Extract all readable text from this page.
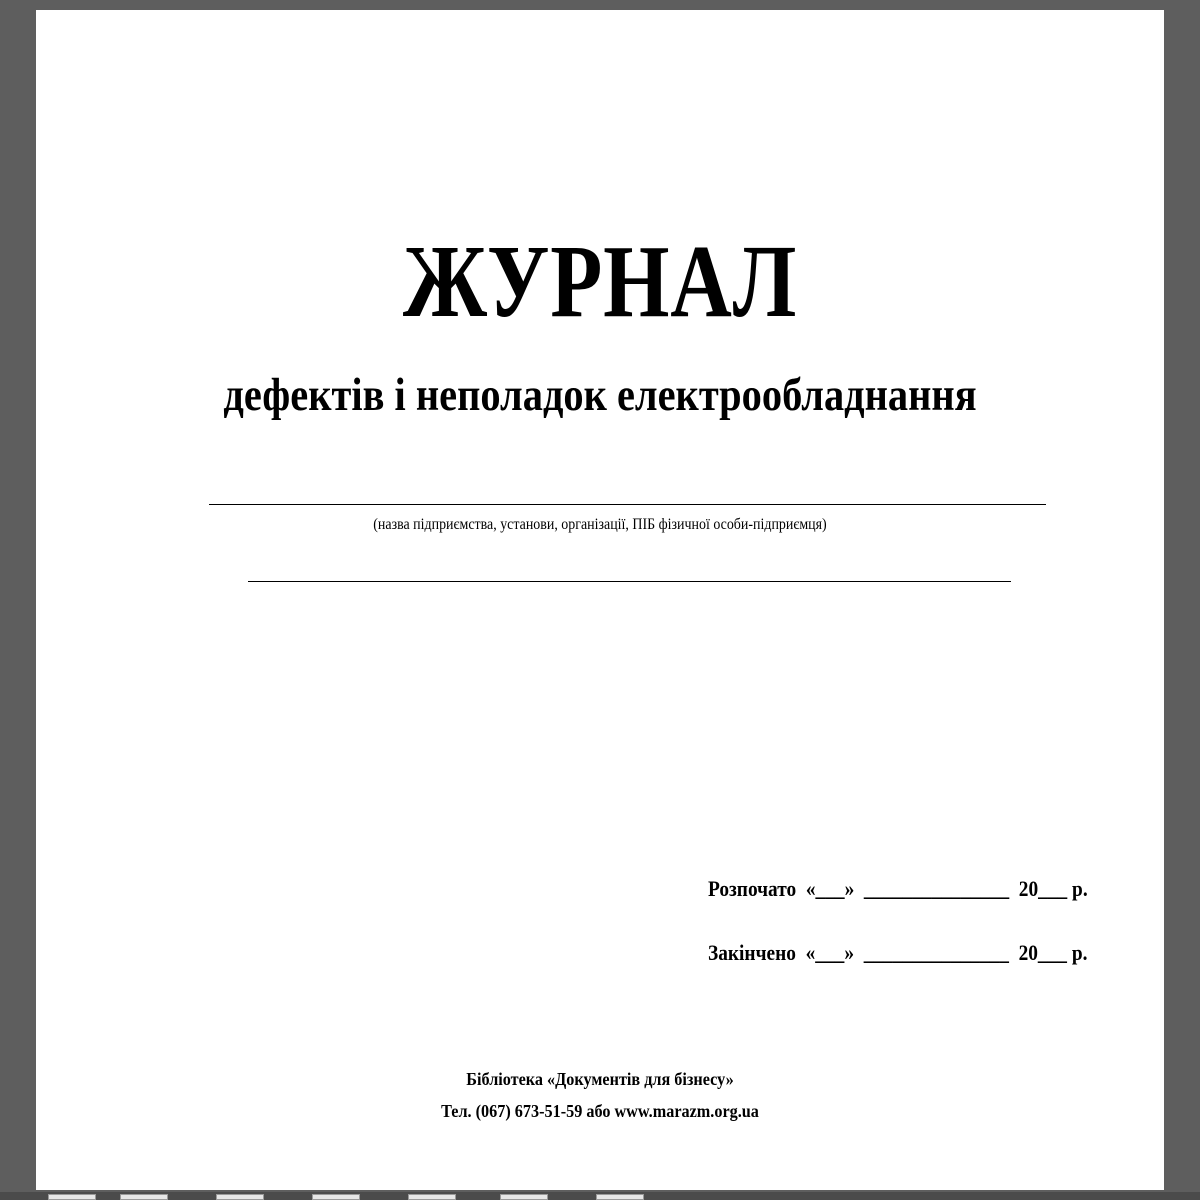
ЖУРНАЛ
дефектів і неполадок електрообладнання
(назва підприємства, установи, організації, ПІБ фізичної особи-підприємця)
Розпочато  «___»  _______________  20___ р.
Закінчено  «___»  _______________  20___ р.
Бібліотека «Документів для бізнесу»
Тел. (067) 673-51-59 або www.marazm.org.ua
